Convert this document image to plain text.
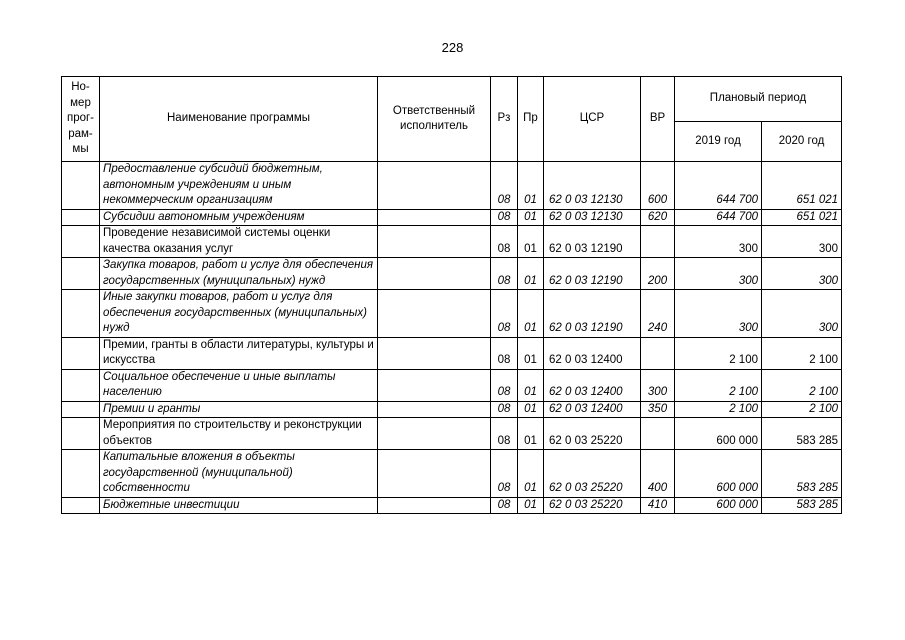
228
Но-мер прог-рам-мы	Наименование программы	Ответственный исполнитель	Рз	Пр	ЦСР	ВР	Плановый период	
							2019 год	2020 год
	Предоставление субсидий бюджетным, автономным учреждениям и иным некоммерческим организациям		08	01	62 0 03 12130	600	644 700	651 021
	Субсидии автономным учреждениям		08	01	62 0 03 12130	620	644 700	651 021
	Проведение независимой системы оценки качества оказания услуг		08	01	62 0 03 12190		300	300
	Закупка товаров, работ и услуг для обеспечения государственных (муниципальных) нужд		08	01	62 0 03 12190	200	300	300
	Иные закупки товаров, работ и услуг для обеспечения государственных (муниципальных) нужд		08	01	62 0 03 12190	240	300	300
	Премии, гранты в области литературы, культуры и искусства		08	01	62 0 03 12400		2 100	2 100
	Социальное обеспечение и иные выплаты населению		08	01	62 0 03 12400	300	2 100	2 100
	Премии и гранты		08	01	62 0 03 12400	350	2 100	2 100
	Мероприятия по строительству и реконструкции объектов		08	01	62 0 03 25220		600 000	583 285
	Капитальные вложения в объекты государственной (муниципальной) собственности		08	01	62 0 03 25220	400	600 000	583 285
	Бюджетные инвестиции		08	01	62 0 03 25220	410	600 000	583 285
